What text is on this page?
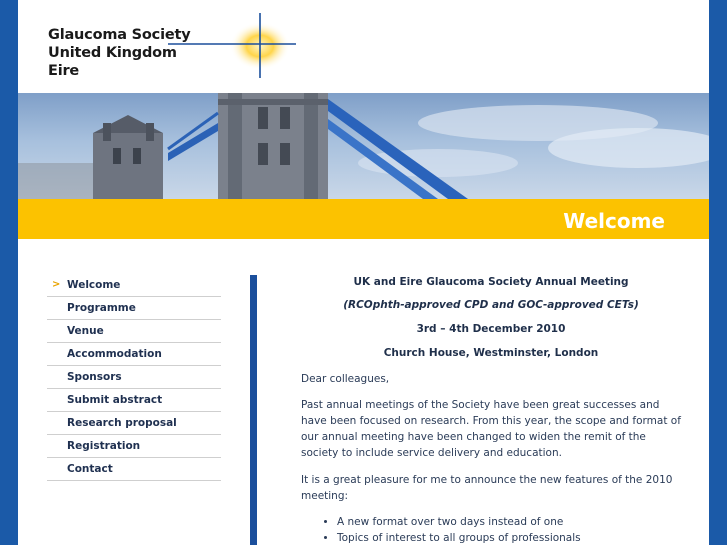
Glaucoma Society
United Kingdom
Eire
Welcome
> Welcome
Programme
Venue
Accommodation
Sponsors
Submit abstract
Research proposal
Registration
Contact
UK and Eire Glaucoma Society Annual Meeting
(RCOphth-approved CPD and GOC-approved CETs)
3rd – 4th December 2010
Church House, Westminster, London

Dear colleagues,

Past annual meetings of the Society have been great successes and have been focused on research. From this year, the scope and format of our annual meeting have been changed to widen the remit of the society to include service delivery and education.

It is a great pleasure for me to announce the new features of the 2010 meeting:

• A new format over two days instead of one
• Topics of interest to all groups of professionals
